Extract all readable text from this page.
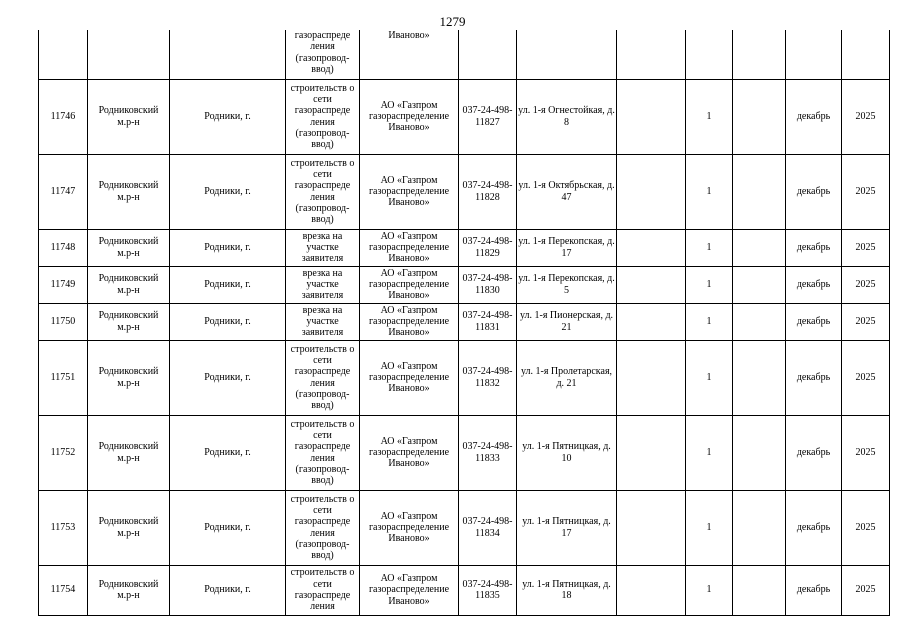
1279
			газораспреде ления (газопровод- ввод)	Иваново»							
11746	Родниковский м.р-н	Родники, г.	строительств о сети газораспреде ления (газопровод- ввод)	АО «Газпром газораспределение Иваново»	037-24-498-11827	ул. 1-я Огнестойкая, д. 8		1		декабрь	2025
11747	Родниковский м.р-н	Родники, г.	строительств о сети газораспреде ления (газопровод- ввод)	АО «Газпром газораспределение Иваново»	037-24-498-11828	ул. 1-я Октябрьская, д. 47		1		декабрь	2025
11748	Родниковский м.р-н	Родники, г.	врезка на участке заявителя	АО «Газпром газораспределение Иваново»	037-24-498-11829	ул. 1-я Перекопская, д. 17		1		декабрь	2025
11749	Родниковский м.р-н	Родники, г.	врезка на участке заявителя	АО «Газпром газораспределение Иваново»	037-24-498-11830	ул. 1-я Перекопская, д. 5		1		декабрь	2025
11750	Родниковский м.р-н	Родники, г.	врезка на участке заявителя	АО «Газпром газораспределение Иваново»	037-24-498-11831	ул. 1-я Пионерская, д. 21		1		декабрь	2025
11751	Родниковский м.р-н	Родники, г.	строительств о сети газораспреде ления (газопровод- ввод)	АО «Газпром газораспределение Иваново»	037-24-498-11832	ул. 1-я Пролетарская, д. 21		1		декабрь	2025
11752	Родниковский м.р-н	Родники, г.	строительств о сети газораспреде ления (газопровод- ввод)	АО «Газпром газораспределение Иваново»	037-24-498-11833	ул. 1-я Пятницкая, д. 10		1		декабрь	2025
11753	Родниковский м.р-н	Родники, г.	строительств о сети газораспреде ления (газопровод- ввод)	АО «Газпром газораспределение Иваново»	037-24-498-11834	ул. 1-я Пятницкая, д. 17		1		декабрь	2025
11754	Родниковский м.р-н	Родники, г.	строительств о сети газораспреде ления	АО «Газпром газораспределение Иваново»	037-24-498-11835	ул. 1-я Пятницкая, д. 18		1		декабрь	2025
